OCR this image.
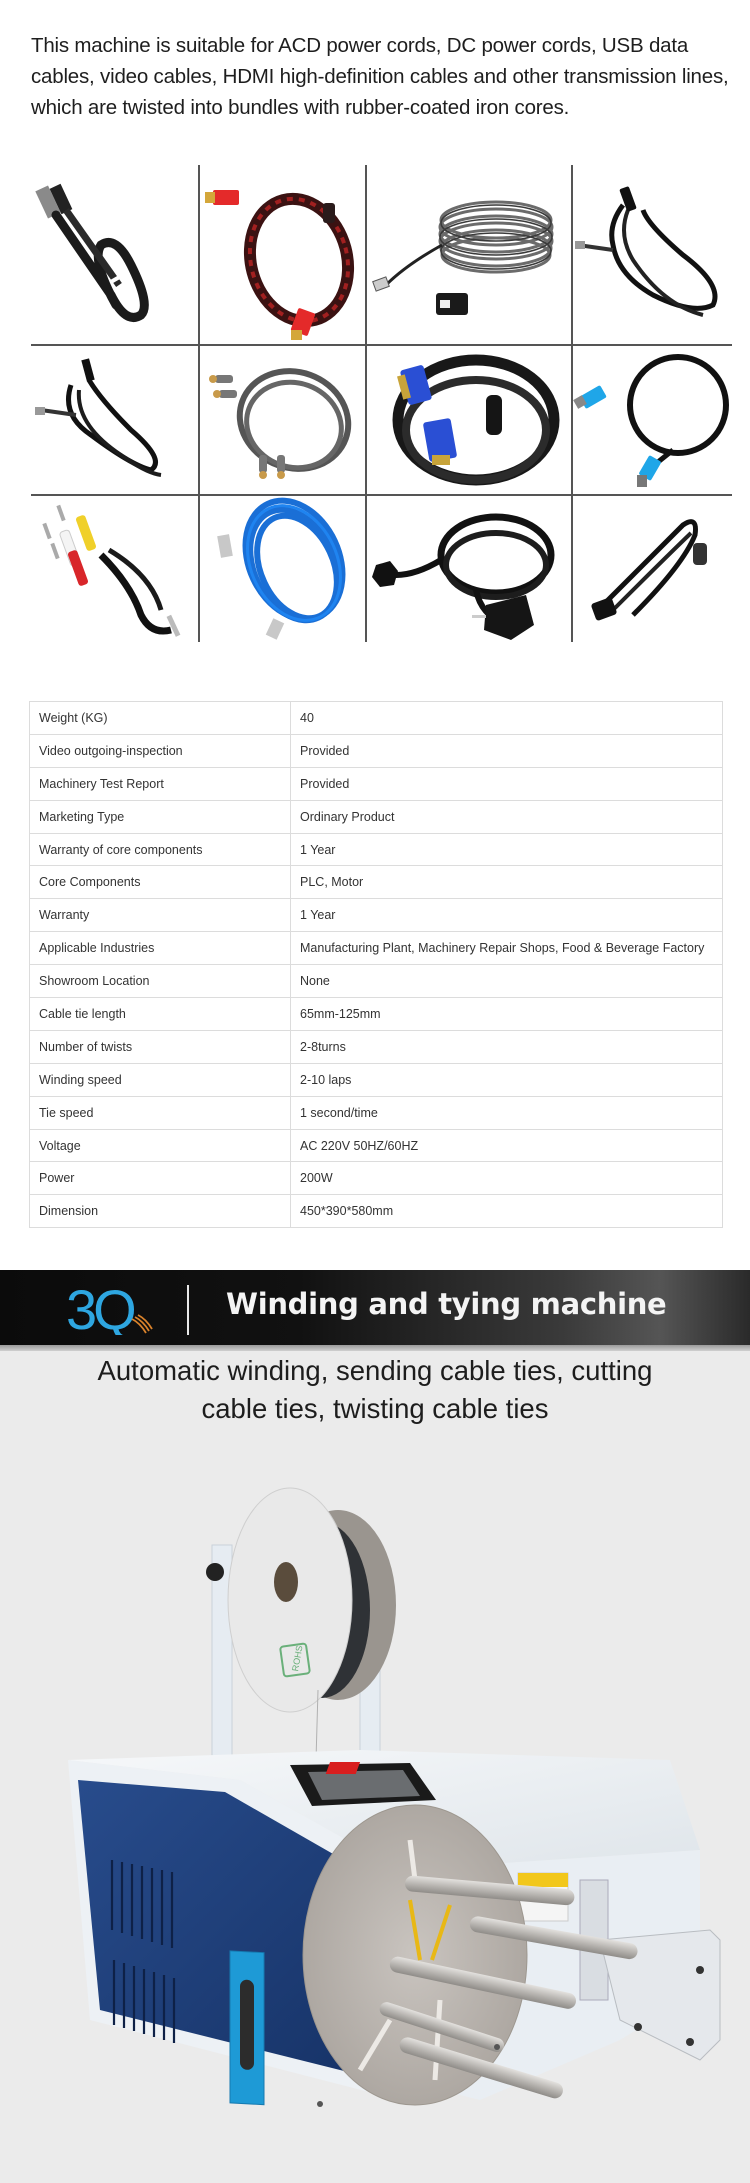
This machine is suitable for ACD power cords, DC power cords, USB data cables, video cables, HDMI high-definition cables and other transmission lines, which are twisted into bundles with rubber-coated iron cores.

Weight (KG)	40
Video outgoing-inspection	Provided
Machinery Test Report	Provided
Marketing Type	Ordinary Product
Warranty of core components	1 Year
Core Components	PLC, Motor
Warranty	1 Year
Applicable Industries	Manufacturing Plant, Machinery Repair Shops, Food & Beverage Factory
Showroom Location	None
Cable tie length	65mm-125mm
Number of twists	2-8turns
Winding speed	2-10 laps
Tie speed	1 second/time
Voltage	AC 220V 50HZ/60HZ
Power	200W
Dimension	450*390*580mm
3Q	Winding and tying machine
Automatic winding, sending cable ties, cutting
cable ties, twisting cable ties
ROHS
